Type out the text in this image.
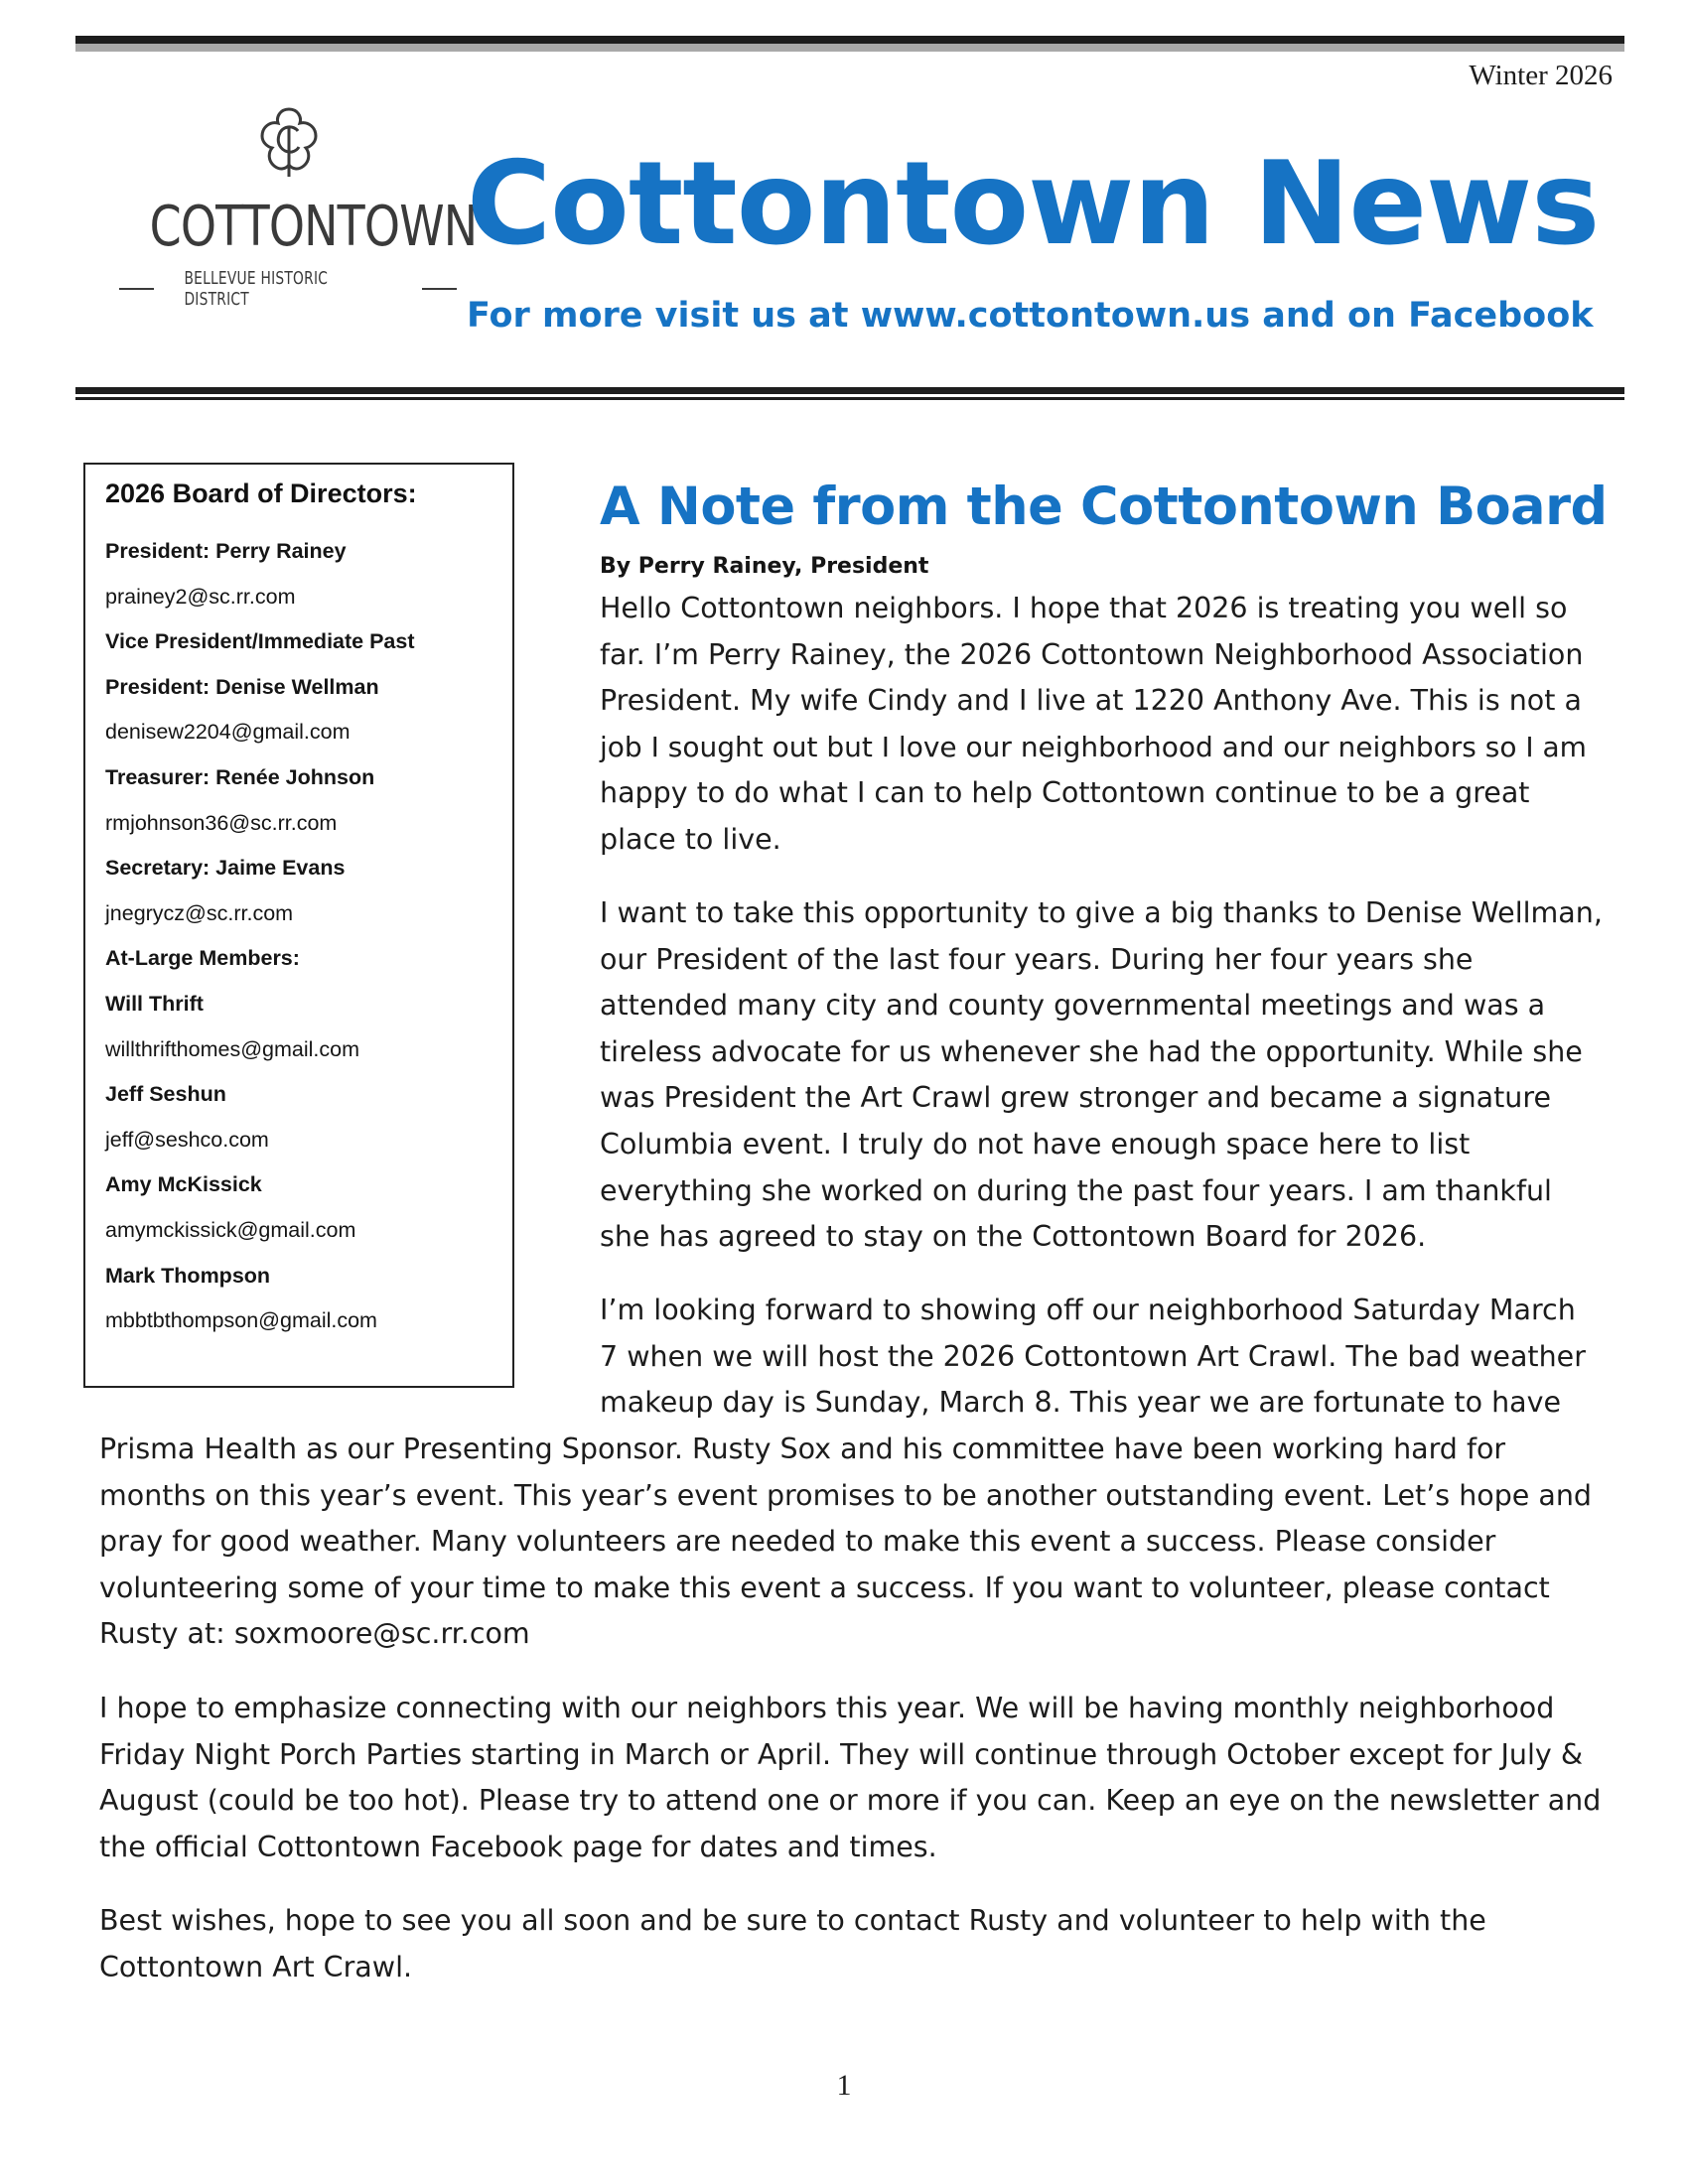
Winter 2026
COTTONTOWN
BELLEVUE HISTORIC DISTRICT
Cottontown News
For more visit us at www.cottontown.us and on Facebook
2026 Board of Directors:
President: Perry Rainey
prainey2@sc.rr.com
Vice President/Immediate Past
President: Denise Wellman
denisew2204@gmail.com
Treasurer: Renée Johnson
rmjohnson36@sc.rr.com
Secretary: Jaime Evans
jnegrycz@sc.rr.com
At-Large Members:
Will Thrift
willthrifthomes@gmail.com
Jeff Seshun
jeff@seshco.com
Amy McKissick
amymckissick@gmail.com
Mark Thompson
mbbtbthompson@gmail.com
A Note from the Cottontown Board
By Perry Rainey, President
Hello Cottontown neighbors. I hope that 2026 is treating you well so
far. I’m Perry Rainey, the 2026 Cottontown Neighborhood Association
President. My wife Cindy and I live at 1220 Anthony Ave. This is not a
job I sought out but I love our neighborhood and our neighbors so I am
happy to do what I can to help Cottontown continue to be a great
place to live.
I want to take this opportunity to give a big thanks to Denise Wellman,
our President of the last four years. During her four years she
attended many city and county governmental meetings and was a
tireless advocate for us whenever she had the opportunity. While she
was President the Art Crawl grew stronger and became a signature
Columbia event. I truly do not have enough space here to list
everything she worked on during the past four years. I am thankful
she has agreed to stay on the Cottontown Board for 2026.
I’m looking forward to showing off our neighborhood Saturday March
7 when we will host the 2026 Cottontown Art Crawl. The bad weather
makeup day is Sunday, March 8. This year we are fortunate to have
Prisma Health as our Presenting Sponsor. Rusty Sox and his committee have been working hard for
months on this year’s event. This year’s event promises to be another outstanding event. Let’s hope and
pray for good weather. Many volunteers are needed to make this event a success. Please consider
volunteering some of your time to make this event a success. If you want to volunteer, please contact
Rusty at: soxmoore@sc.rr.com
I hope to emphasize connecting with our neighbors this year. We will be having monthly neighborhood
Friday Night Porch Parties starting in March or April. They will continue through October except for July &
August (could be too hot). Please try to attend one or more if you can. Keep an eye on the newsletter and
the official Cottontown Facebook page for dates and times.
Best wishes, hope to see you all soon and be sure to contact Rusty and volunteer to help with the
Cottontown Art Crawl.
1
